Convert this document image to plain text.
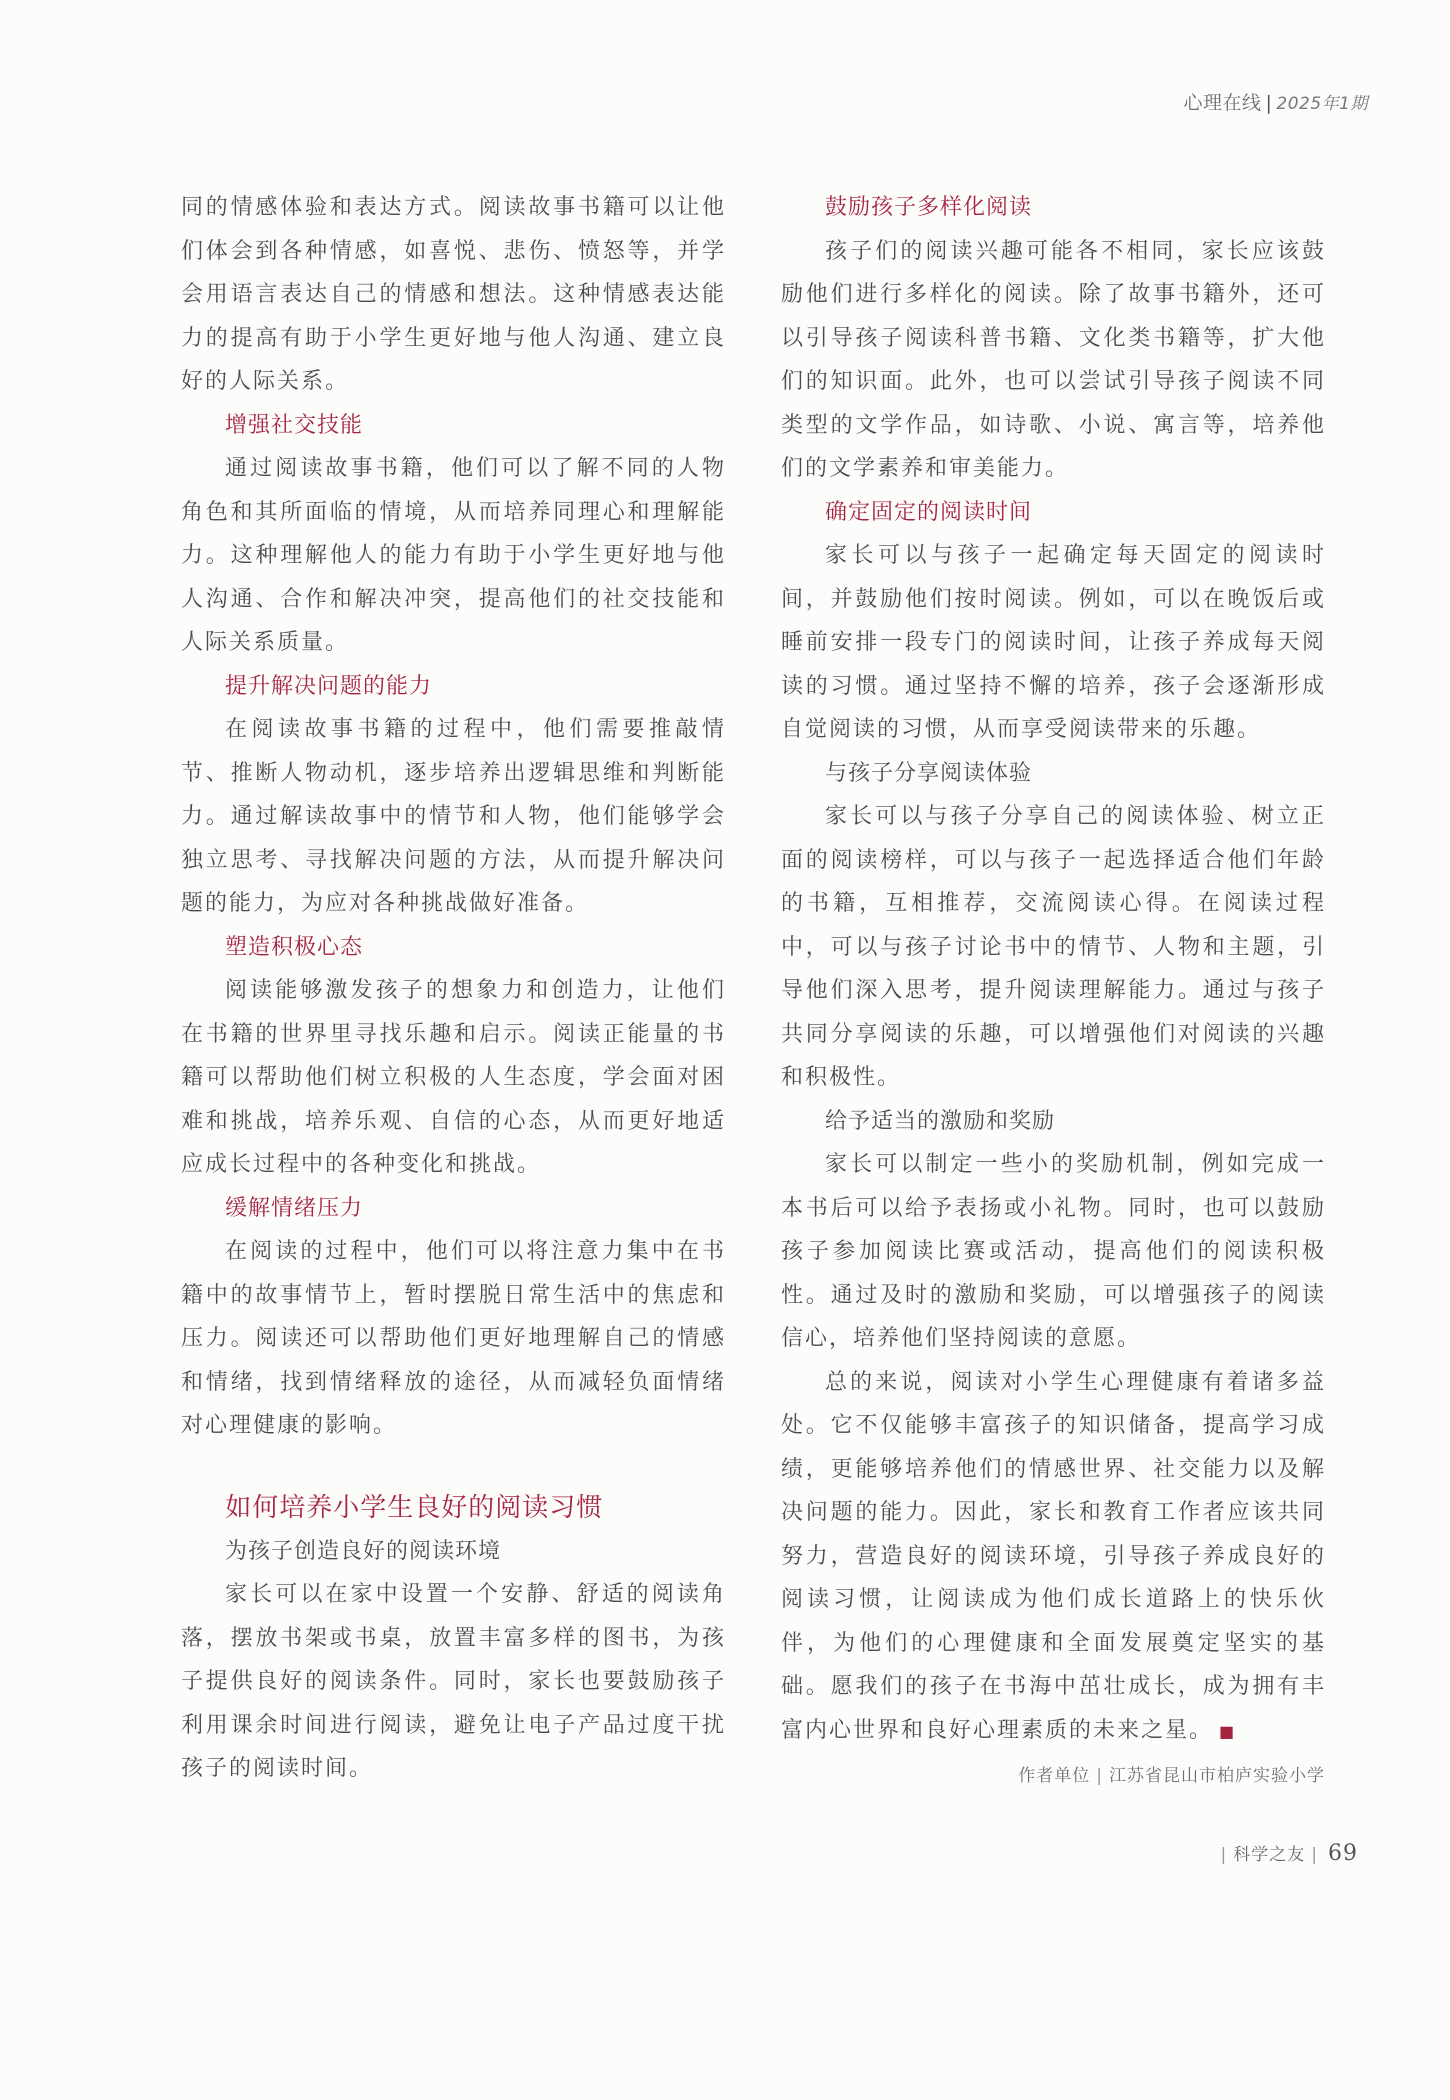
心理在线 | 2025年1期

同的情感体验和表达方式。阅读故事书籍可以让他们体会到各种情感，如喜悦、悲伤、愤怒等，并学会用语言表达自己的情感和想法。这种情感表达能力的提高有助于小学生更好地与他人沟通、建立良好的人际关系。

增强社交技能

通过阅读故事书籍，他们可以了解不同的人物角色和其所面临的情境，从而培养同理心和理解能力。这种理解他人的能力有助于小学生更好地与他人沟通、合作和解决冲突，提高他们的社交技能和人际关系质量。

提升解决问题的能力

在阅读故事书籍的过程中，他们需要推敲情节、推断人物动机，逐步培养出逻辑思维和判断能力。通过解读故事中的情节和人物，他们能够学会独立思考、寻找解决问题的方法，从而提升解决问题的能力，为应对各种挑战做好准备。

塑造积极心态

阅读能够激发孩子的想象力和创造力，让他们在书籍的世界里寻找乐趣和启示。阅读正能量的书籍可以帮助他们树立积极的人生态度，学会面对困难和挑战，培养乐观、自信的心态，从而更好地适应成长过程中的各种变化和挑战。

缓解情绪压力

在阅读的过程中，他们可以将注意力集中在书籍中的故事情节上，暂时摆脱日常生活中的焦虑和压力。阅读还可以帮助他们更好地理解自己的情感和情绪，找到情绪释放的途径，从而减轻负面情绪对心理健康的影响。

如何培养小学生良好的阅读习惯
为孩子创造良好的阅读环境

家长可以在家中设置一个安静、舒适的阅读角落，摆放书架或书桌，放置丰富多样的图书，为孩子提供良好的阅读条件。同时，家长也要鼓励孩子利用课余时间进行阅读，避免让电子产品过度干扰孩子的阅读时间。

鼓励孩子多样化阅读

孩子们的阅读兴趣可能各不相同，家长应该鼓励他们进行多样化的阅读。除了故事书籍外，还可以引导孩子阅读科普书籍、文化类书籍等，扩大他们的知识面。此外，也可以尝试引导孩子阅读不同类型的文学作品，如诗歌、小说、寓言等，培养他们的文学素养和审美能力。

确定固定的阅读时间

家长可以与孩子一起确定每天固定的阅读时间，并鼓励他们按时阅读。例如，可以在晚饭后或睡前安排一段专门的阅读时间，让孩子养成每天阅读的习惯。通过坚持不懈的培养，孩子会逐渐形成自觉阅读的习惯，从而享受阅读带来的乐趣。

与孩子分享阅读体验

家长可以与孩子分享自己的阅读体验、树立正面的阅读榜样，可以与孩子一起选择适合他们年龄的书籍，互相推荐，交流阅读心得。在阅读过程中，可以与孩子讨论书中的情节、人物和主题，引导他们深入思考，提升阅读理解能力。通过与孩子共同分享阅读的乐趣，可以增强他们对阅读的兴趣和积极性。

给予适当的激励和奖励

家长可以制定一些小的奖励机制，例如完成一本书后可以给予表扬或小礼物。同时，也可以鼓励孩子参加阅读比赛或活动，提高他们的阅读积极性。通过及时的激励和奖励，可以增强孩子的阅读信心，培养他们坚持阅读的意愿。

总的来说，阅读对小学生心理健康有着诸多益处。它不仅能够丰富孩子的知识储备，提高学习成绩，更能够培养他们的情感世界、社交能力以及解决问题的能力。因此，家长和教育工作者应该共同努力，营造良好的阅读环境，引导孩子养成良好的阅读习惯，让阅读成为他们成长道路上的快乐伙伴，为他们的心理健康和全面发展奠定坚实的基础。愿我们的孩子在书海中茁壮成长，成为拥有丰富内心世界和良好心理素质的未来之星。 ■

作者单位 | 江苏省昆山市柏庐实验小学
| 科学之友 | 69
